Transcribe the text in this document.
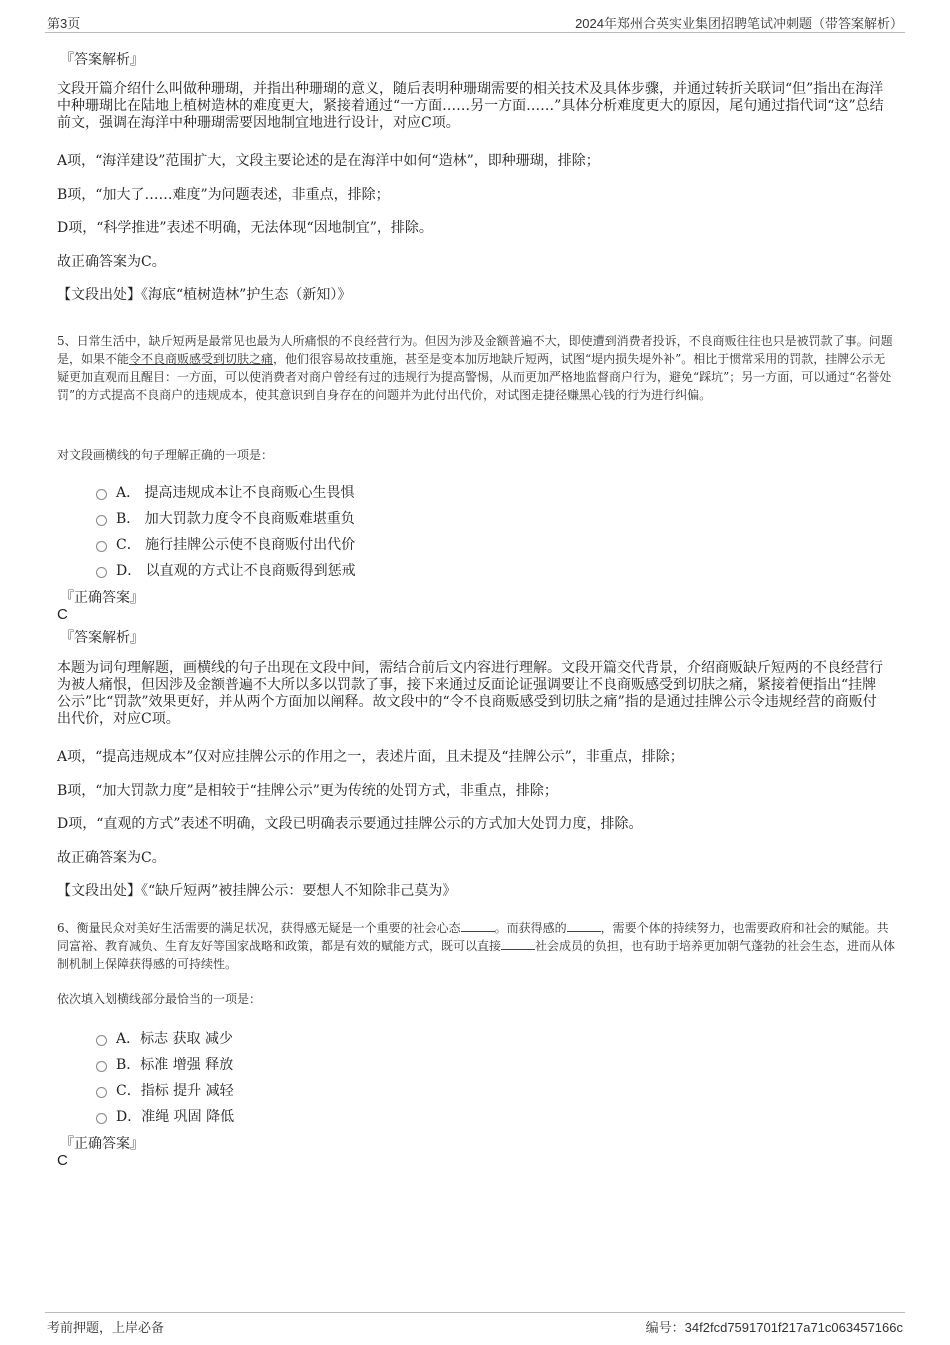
第3页	2024年郑州合英实业集团招聘笔试冲刺题（带答案解析）
『答案解析』
文段开篇介绍什么叫做种珊瑚，并指出种珊瑚的意义，随后表明种珊瑚需要的相关技术及具体步骤，并通过转折关联词“但”指出在海洋中种珊瑚比在陆地上植树造林的难度更大，紧接着通过“一方面……另一方面……”具体分析难度更大的原因，尾句通过指代词“这”总结前文，强调在海洋中种珊瑚需要因地制宜地进行设计，对应C项。
A项，“海洋建设”范围扩大，文段主要论述的是在海洋中如何“造林”，即种珊瑚，排除；
B项，“加大了……难度”为问题表述，非重点，排除；
D项，“科学推进”表述不明确，无法体现“因地制宜”，排除。
故正确答案为C。
【文段出处】《海底“植树造林”护生态（新知）》
5、日常生活中，缺斤短两是最常见也最为人所痛恨的不良经营行为。但因为涉及金额普遍不大，即使遭到消费者投诉，不良商贩往往也只是被罚款了事。问题是，如果不能令不良商贩感受到切肤之痛，他们很容易故技重施，甚至是变本加厉地缺斤短两，试图“堤内损失堤外补”。相比于惯常采用的罚款，挂牌公示无疑更加直观而且醒目：一方面，可以使消费者对商户曾经有过的违规行为提高警惕，从而更加严格地监督商户行为，避免“踩坑”；另一方面，可以通过“名誉处罚”的方式提高不良商户的违规成本，使其意识到自身存在的问题并为此付出代价，对试图走捷径赚黑心钱的行为进行纠偏。
对文段画横线的句子理解正确的一项是：
A． 提高违规成本让不良商贩心生畏惧
B． 加大罚款力度令不良商贩难堪重负
C． 施行挂牌公示使不良商贩付出代价
D． 以直观的方式让不良商贩得到惩戒
『正确答案』
C
『答案解析』
本题为词句理解题，画横线的句子出现在文段中间，需结合前后文内容进行理解。文段开篇交代背景，介绍商贩缺斤短两的不良经营行为被人痛恨，但因涉及金额普遍不大所以多以罚款了事，接下来通过反面论证强调要让不良商贩感受到切肤之痛，紧接着便指出“挂牌公示”比“罚款”效果更好，并从两个方面加以阐释。故文段中的“令不良商贩感受到切肤之痛”指的是通过挂牌公示令违规经营的商贩付出代价，对应C项。
A项，“提高违规成本”仅对应挂牌公示的作用之一，表述片面，且未提及“挂牌公示”，非重点，排除；
B项，“加大罚款力度”是相较于“挂牌公示”更为传统的处罚方式，非重点，排除；
D项，“直观的方式”表述不明确，文段已明确表示要通过挂牌公示的方式加大处罚力度，排除。
故正确答案为C。
【文段出处】《“缺斤短两”被挂牌公示：要想人不知除非己莫为》
6、衡量民众对美好生活需要的满足状况，获得感无疑是一个重要的社会心态	。而获得感的	，需要个体的持续努力，也需要政府和社会的赋能。共同富裕、教育减负、生育友好等国家战略和政策，都是有效的赋能方式，既可以直接	社会成员的负担，也有助于培养更加朝气蓬勃的社会生态，进而从体制机制上保障获得感的可持续性。
依次填入划横线部分最恰当的一项是：
A．标志 获取 减少
B．标准 增强 释放
C．指标 提升 减轻
D．准绳 巩固 降低
『正确答案』
C
考前押题，上岸必备	编号：34f2fcd7591701f217a71c063457166c
